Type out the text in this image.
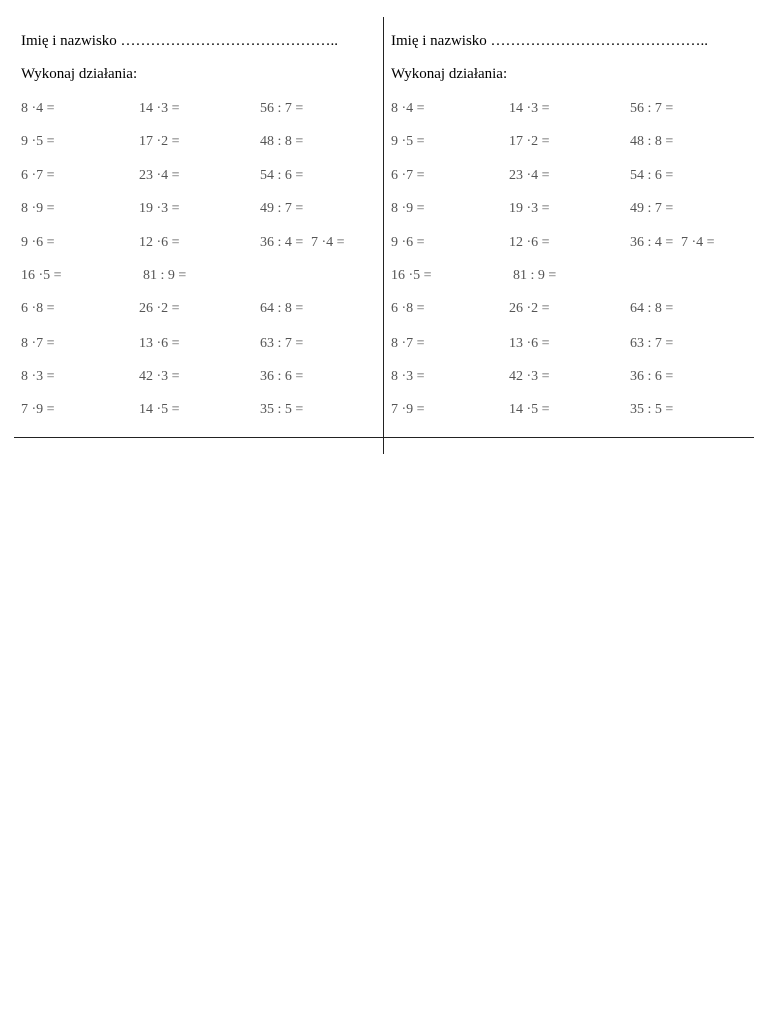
Imię i nazwisko ……………………………………..
Wykonaj działania:
8 ·4 =	14 ·3 =	56 : 7 =
9 ·5 =	17 ·2 =	48 : 8 =
6 ·7 =	23 ·4 =	54 : 6 =
8 ·9 =	19 ·3 =	49 : 7 =
9 ·6 =	12 ·6 =	36 : 4 = 7 ·4 =
16 ·5 =	81 : 9 =
6 ·8 =	26 ·2 =	64 : 8 =
8 ·7 =	13 ·6 =	63 : 7 =
8 ·3 =	42 ·3 =	36 : 6 =
7 ·9 =	14 ·5 =	35 : 5 =
Imię i nazwisko ……………………………………..
Wykonaj działania:
8 ·4 =	14 ·3 =	56 : 7 =
9 ·5 =	17 ·2 =	48 : 8 =
6 ·7 =	23 ·4 =	54 : 6 =
8 ·9 =	19 ·3 =	49 : 7 =
9 ·6 =	12 ·6 =	36 : 4 = 7 ·4 =
16 ·5 =	81 : 9 =
6 ·8 =	26 ·2 =	64 : 8 =
8 ·7 =	13 ·6 =	63 : 7 =
8 ·3 =	42 ·3 =	36 : 6 =
7 ·9 =	14 ·5 =	35 : 5 =
